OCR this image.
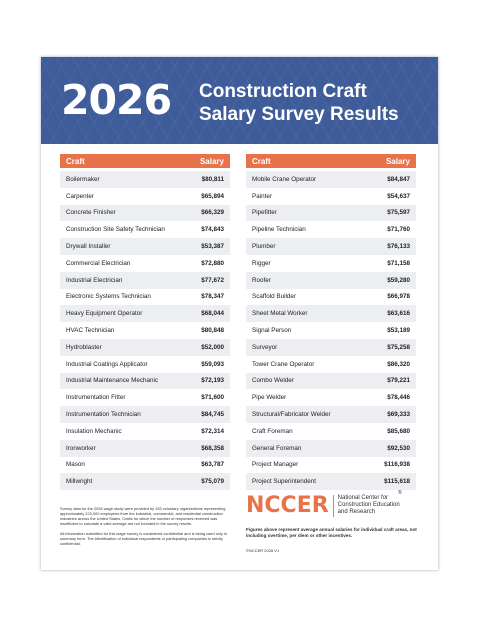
2026 Construction Craft
Salary Survey Results
Craft	Salary
Boilermaker	$80,811
Carpenter	$65,894
Concrete Finisher	$66,329
Construction Site Safety Technician	$74,843
Drywall Installer	$53,387
Commercial Electrician	$72,880
Industrial Electrician	$77,672
Electronic Systems Technician	$78,347
Heavy Equipment Operator	$68,044
HVAC Technician	$80,848
Hydroblaster	$52,000
Industrial Coatings Applicator	$59,093
Industrial Maintenance Mechanic	$72,193
Instrumentation Fitter	$71,600
Instrumentation Technician	$84,745
Insulation Mechanic	$72,314
Ironworker	$68,358
Mason	$63,787
Millwright	$75,079
Craft	Salary
Mobile Crane Operator	$84,847
Painter	$54,637
Pipefitter	$75,597
Pipeline Technician	$71,760
Plumber	$76,133
Rigger	$71,158
Roofer	$59,280
Scaffold Builder	$66,978
Sheet Metal Worker	$63,616
Signal Person	$53,189
Surveyor	$75,258
Tower Crane Operator	$86,320
Combo Welder	$79,221
Pipe Welder	$78,446
Structural/Fabricator Welder	$69,333
Craft Foreman	$85,680
General Foreman	$92,530
Project Manager	$116,938
Project Superintendent	$115,618
Survey data for the 2026 wage study were provided by 153 voluntary organizations representing approximately 223,000 employees from the industrial, commercial, and residential construction industries across the United States. Crafts for which the number of responses received was insufficient to calculate a valid average are not included in the survey results.
All information submitted for this wage survey is considered confidential and is being used only in summary form. The identification of individual respondents or participating companies is strictly confidential.
NCCER National Center for
Construction Education
and Research
®
Figures above represent average annual salaries for individual craft areas, not including overtime, per diem or other incentives.
©NCCER 2026 V1
